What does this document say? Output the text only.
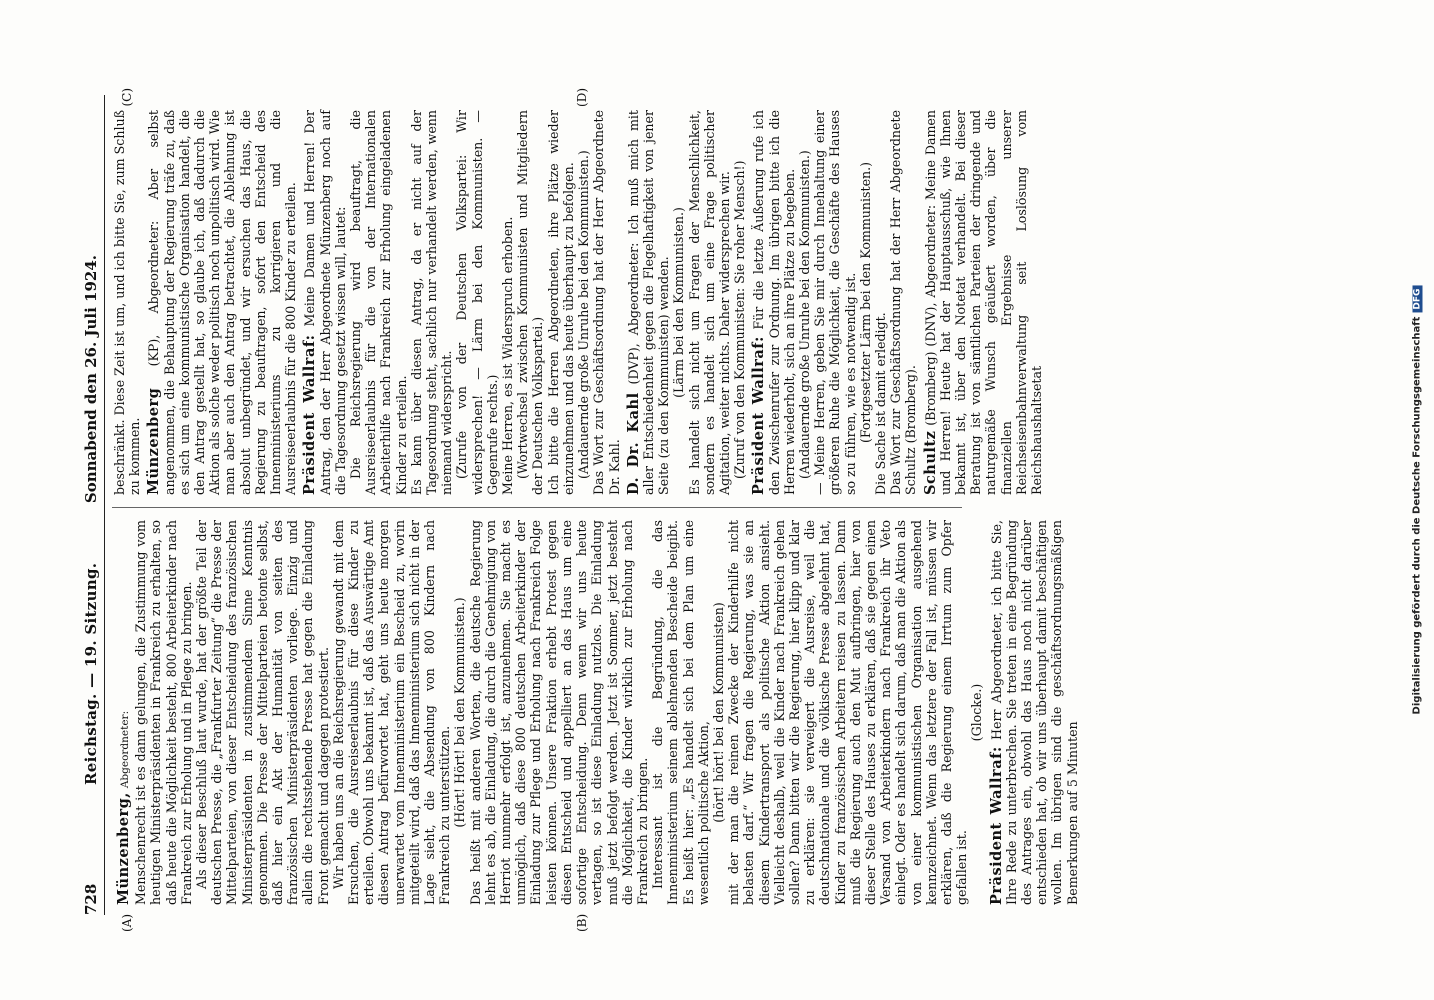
728
Reichstag. — 19. Sitzung.
Sonnabend den 26. Juli 1924.
(A)	(B)
(C)	(D)

Münzenberg, Abgeordneter: Menschenrecht ist es dann gelungen, die Zustimmung vom heutigen Ministerpräsidenten in Frankreich zu erhalten, so daß heute die Möglichkeit besteht, 800 Arbeiterkinder nach Frankreich zur Erholung und in Pflege zu bringen. Als dieser Beschluß laut wurde, hat der größte Teil der deutschen Presse, die „Frankfurter Zeitung“ die Presse der Mittelparteien, von dieser Entscheidung des französischen Ministerpräsidenten in zustimmendem Sinne Kenntnis genommen. Die Presse der Mittelparteien betonte selbst, daß hier ein Akt der Humanität von seiten des französischen Ministerpräsidenten vorliege. Einzig und allein die rechtsstehende Presse hat gegen die Einladung Front gemacht und dagegen protestiert. Wir haben uns an die Reichsregierung gewandt mit dem Ersuchen, die Ausreiseerlaubnis für diese Kinder zu erteilen. Obwohl uns bekannt ist, daß das Auswärtige Amt diesen Antrag befürwortet hat, geht uns heute morgen unerwartet vom Innenministerium ein Bescheid zu, worin mitgeteilt wird, daß das Innenministerium sich nicht in der Lage sieht, die Absendung von 800 Kindern nach Frankreich zu unterstützen. (Hört! Hört! bei den Kommunisten.) Das heißt mit anderen Worten, die deutsche Regierung lehnt es ab, die Einladung, die durch die Genehmigung von Herriot nunmehr erfolgt ist, anzunehmen. Sie macht es unmöglich, daß diese 800 deutschen Arbeiterkinder der Einladung zur Pflege und Erholung nach Frankreich Folge leisten können. Unsere Fraktion erhebt Protest gegen diesen Entscheid und appelliert an das Haus um eine sofortige Entscheidung. Denn wenn wir uns heute vertagen, so ist diese Einladung nutzlos. Die Einladung muß jetzt befolgt werden. Jetzt ist Sommer, jetzt besteht die Möglichkeit, die Kinder wirklich zur Erholung nach Frankreich zu bringen. Interessant ist die Begründung, die das Innenministerium seinem ablehnenden Bescheide beigibt. Es heißt hier: „Es handelt sich bei dem Plan um eine wesentlich politische Aktion, (hört! hört! bei den Kommunisten) mit der man die reinen Zwecke der Kinderhilfe nicht belasten darf.“ Wir fragen die Regierung, was sie an diesem Kindertransport als politische Aktion ansieht. Vielleicht deshalb, weil die Kinder nach Frankreich gehen sollen? Dann bitten wir die Regierung, hier klipp und klar zu erklären: sie verweigert die Ausreise, weil die deutschnationale und die völkische Presse abgelehnt hat, Kinder zu französischen Arbeitern reisen zu lassen. Dann muß die Regierung auch den Mut aufbringen, hier von dieser Stelle des Hauses zu erklären, daß sie gegen einen Versand von Arbeiterkindern nach Frankreich ihr Veto einlegt. Oder es handelt sich darum, daß man die Aktion als von einer kommunistischen Organisation ausgehend kennzeichnet. Wenn das letztere der Fall ist, müssen wir erklären, daß die Regierung einem Irrtum zum Opfer gefallen ist.

(Glocke.)

Präsident Wallraf: Herr Abgeordneter, ich bitte Sie, Ihre Rede zu unterbrechen. Sie treten in eine Begründung des Antrages ein, obwohl das Haus noch nicht darüber entschieden hat, ob wir uns überhaupt damit beschäftigen wollen. Im übrigen sind die geschäftsordnungsmäßigen Bemerkungen auf 5 Minuten

beschränkt. Diese Zeit ist um, und ich bitte Sie, zum Schluß zu kommen. Münzenberg (KP), Abgeordneter: Aber selbst angenommen, die Behauptung der Regierung träfe zu, daß es sich um eine kommunistische Organisation handelt, die den Antrag gestellt hat, so glaube ich, daß dadurch die Aktion als solche weder politisch noch unpolitisch wird. Wie man aber auch den Antrag betrachtet, die Ablehnung ist absolut unbegründet, und wir ersuchen das Haus, die Regierung zu beauftragen, sofort den Entscheid des Innenministeriums zu korrigieren und die Ausreiseerlaubnis für die 800 Kinder zu erteilen. Präsident Wallraf: Meine Damen und Herren! Der Antrag, den der Herr Abgeordnete Münzenberg noch auf die Tagesordnung gesetzt wissen will, lautet: Die Reichsregierung wird beauftragt, die Ausreiseerlaubnis für die von der Internationalen Arbeiterhilfe nach Frankreich zur Erholung eingeladenen Kinder zu erteilen. Es kann über diesen Antrag, da er nicht auf der Tagesordnung steht, sachlich nur verhandelt werden, wenn niemand widerspricht. (Zurufe von der Deutschen Volkspartei: Wir widersprechen! — Lärm bei den Kommunisten. — Gegenrufe rechts.) Meine Herren, es ist Widerspruch erhoben. (Wortwechsel zwischen Kommunisten und Mitgliedern der Deutschen Volkspartei.) Ich bitte die Herren Abgeordneten, ihre Plätze wieder einzunehmen und das heute überhaupt zu befolgen. (Andauernde große Unruhe bei den Kommunisten.) Das Wort zur Geschäftsordnung hat der Herr Abgeordnete Dr. Kahl. D. Dr. Kahl (DVP), Abgeordneter: Ich muß mich mit aller Entschiedenheit gegen die Flegelhaftigkeit von jener Seite (zu den Kommunisten) wenden. (Lärm bei den Kommunisten.) Es handelt sich nicht um Fragen der Menschlichkeit, sondern es handelt sich um eine Frage politischer Agitation, weiter nichts. Daher widersprechen wir. (Zuruf von den Kommunisten: Sie roher Mensch!) Präsident Wallraf: Für die letzte Äußerung rufe ich den Zwischenrufer zur Ordnung. Im übrigen bitte ich die Herren wiederholt, sich an ihre Plätze zu begeben. (Andauernde große Unruhe bei den Kommunisten.) — Meine Herren, geben Sie mir durch Innehaltung einer größeren Ruhe die Möglichkeit, die Geschäfte des Hauses so zu führen, wie es notwendig ist. (Fortgesetzter Lärm bei den Kommunisten.) Die Sache ist damit erledigt. Das Wort zur Geschäftsordnung hat der Herr Abgeordnete Schultz (Bromberg). Schultz (Bromberg) (DNV), Abgeordneter: Meine Damen und Herren! Heute hat der Hauptausschuß, wie Ihnen bekannt ist, über den Notetat verhandelt. Bei dieser Beratung ist von sämtlichen Parteien der dringende und naturgemäße Wunsch geäußert worden, über die finanziellen Ergebnisse unserer Reichseisenbahnverwaltung seit Loslösung vom Reichshaushaltsetat	Digitalisierung gefördert durch die Deutsche ForschungsgemeinschaftDFG
